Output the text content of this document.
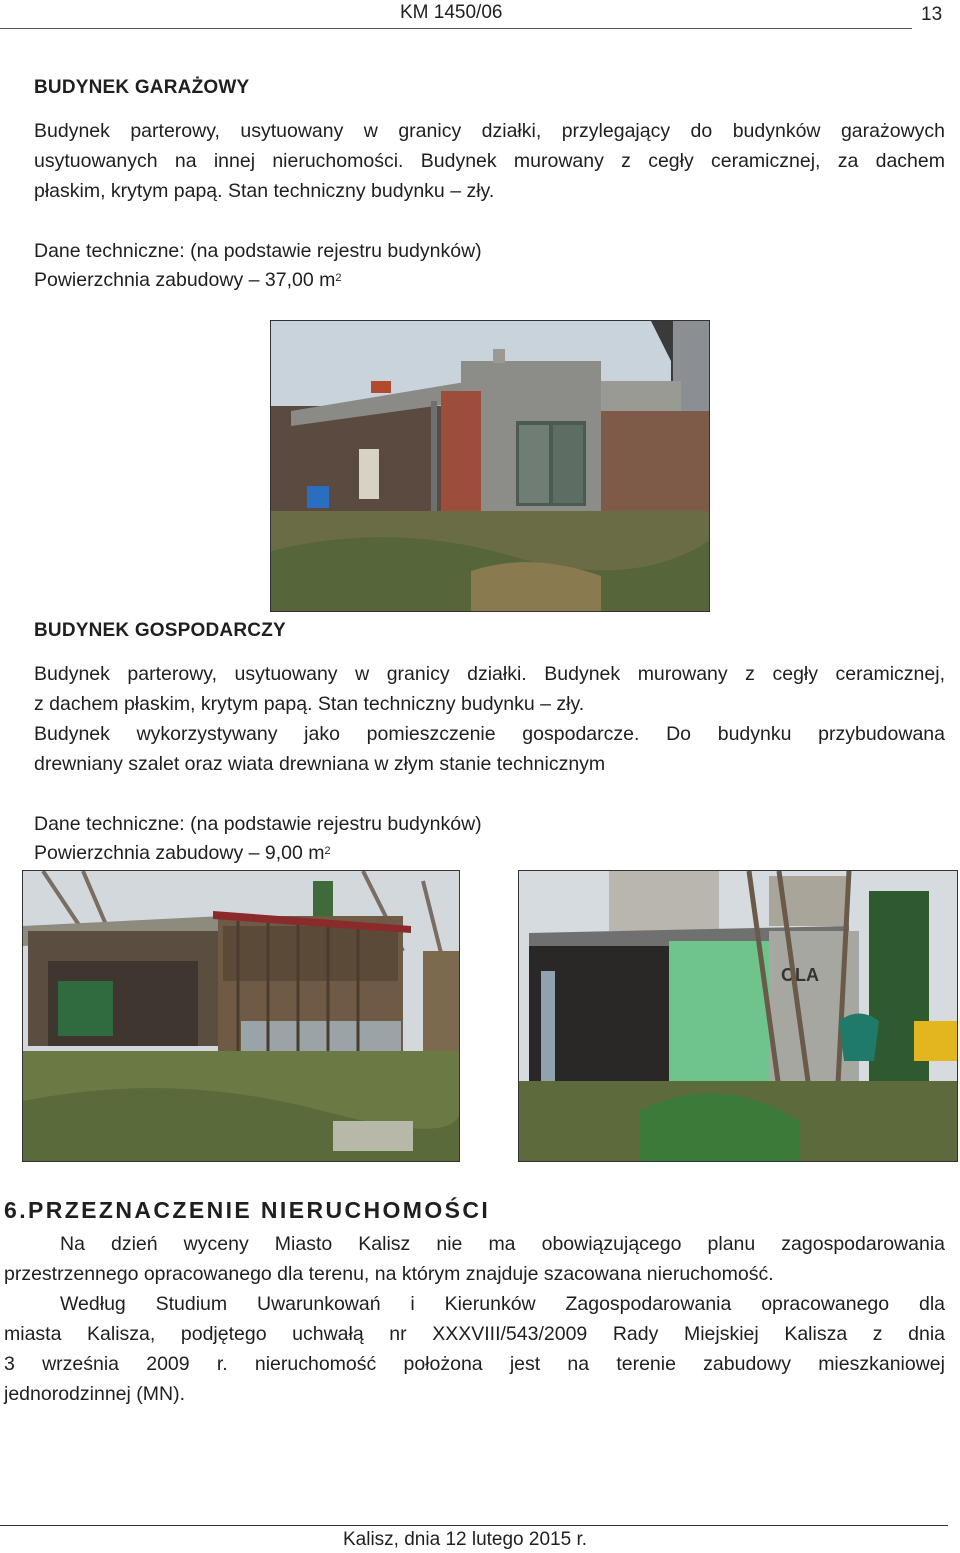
KM 1450/06	13
BUDYNEK GARAŻOWY
Budynek parterowy, usytuowany w granicy działki, przylegający do budynków garażowych
usytuowanych na innej nieruchomości. Budynek murowany z cegły ceramicznej, za dachem
płaskim, krytym papą. Stan techniczny budynku – zły.
Dane techniczne: (na podstawie rejestru budynków)
Powierzchnia zabudowy – 37,00 $m^2$
BUDYNEK GOSPODARCZY
Budynek parterowy, usytuowany w granicy działki. Budynek murowany z cegły ceramicznej,
z dachem płaskim, krytym papą. Stan techniczny budynku – zły.
Budynek wykorzystywany jako pomieszczenie gospodarcze. Do budynku przybudowana
drewniany szalet oraz wiata drewniana w złym stanie technicznym
Dane techniczne: (na podstawie rejestru budynków)
Powierzchnia zabudowy – 9,00 $m^2$
OLA
6.PRZEZNACZENIE NIERUCHOMOŚCI
Na dzień wyceny Miasto Kalisz nie ma obowiązującego planu zagospodarowania
przestrzennego opracowanego dla terenu, na którym znajduje szacowana nieruchomość.
Według Studium Uwarunkowań i Kierunków Zagospodarowania opracowanego dla
miasta Kalisza, podjętego uchwałą nr XXXVIII/543/2009 Rady Miejskiej Kalisza z dnia
3 września 2009 r. nieruchomość położona jest na terenie zabudowy mieszkaniowej
jednorodzinnej (MN).
Kalisz, dnia 12 lutego 2015 r.
